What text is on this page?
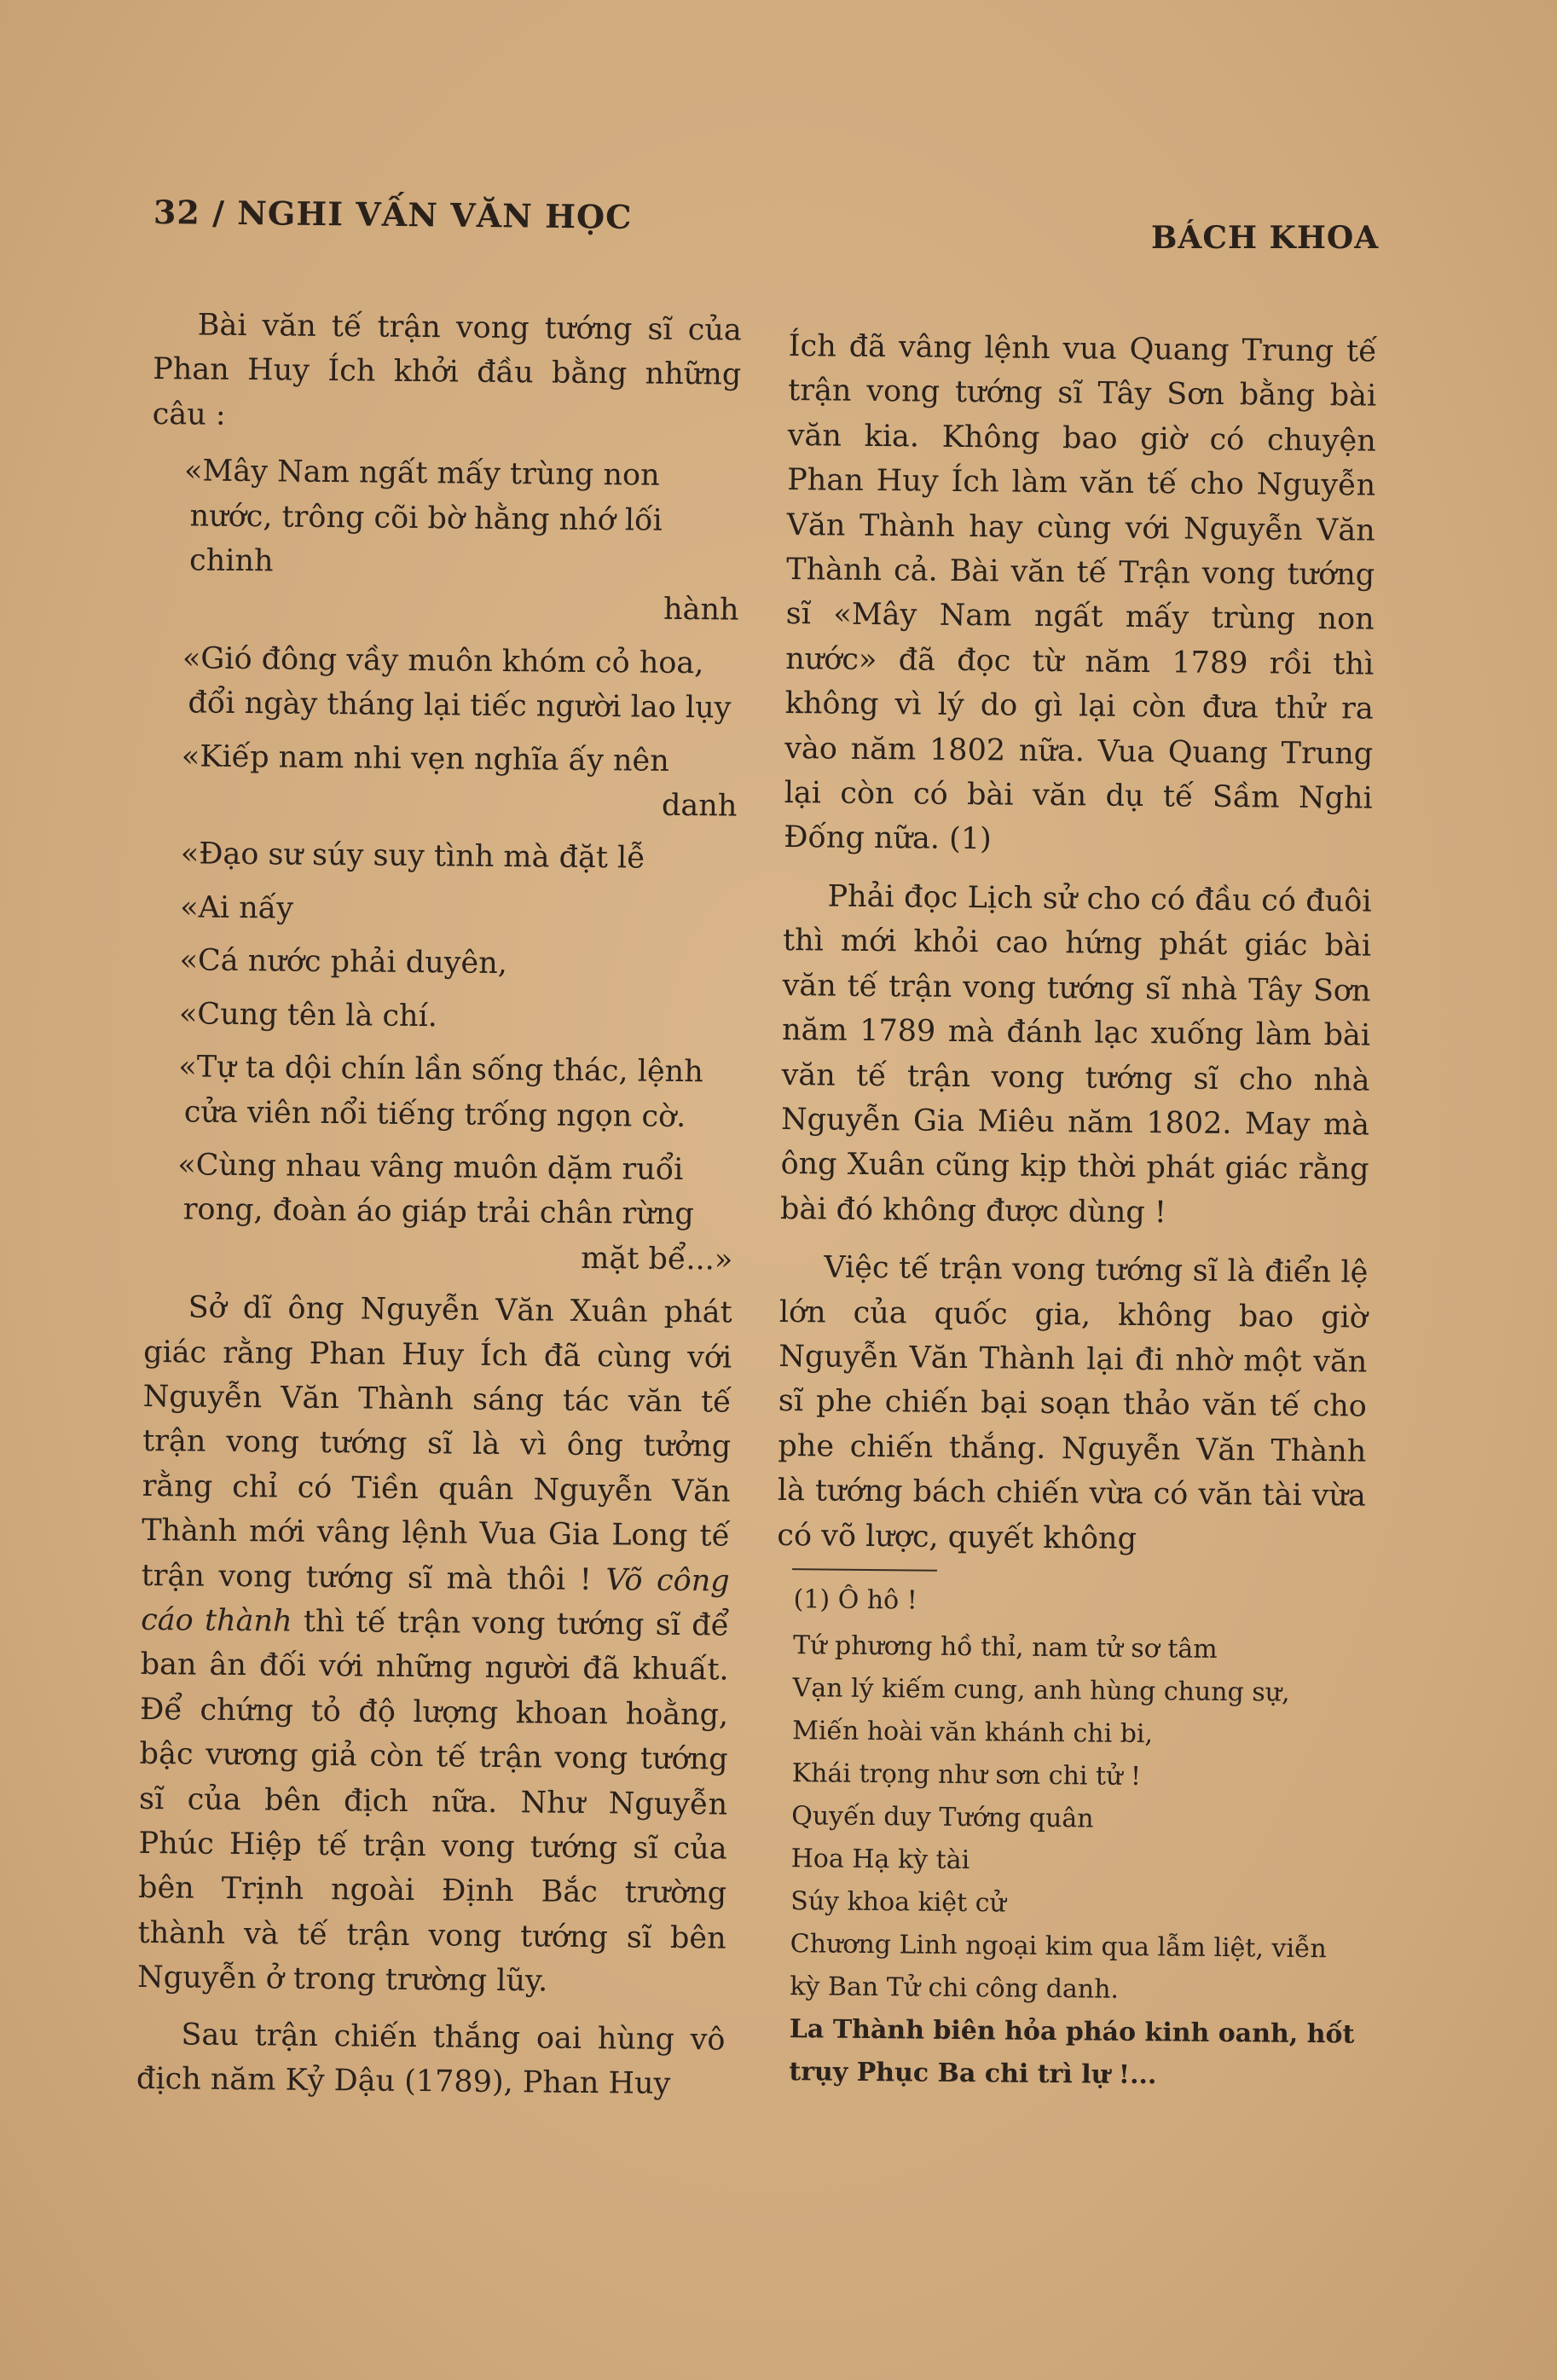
32 / NGHI VẤN VĂN HỌC
BÁCH KHOA

Bài văn tế trận vong tướng sĩ của Phan Huy Ích khởi đầu bằng những câu :

«Mây Nam ngất mấy trùng non nước, trông cõi bờ hằng nhớ lối chinh
hành

«Gió đông vầy muôn khóm cỏ hoa, đổi ngày tháng lại tiếc người lao lụy

«Kiếp nam nhi vẹn nghĩa ấy nên
danh

«Đạo sư súy suy tình mà đặt lễ

«Ai nấy

«Cá nước phải duyên,

«Cung tên là chí.

«Tự ta dội chín lần sống thác, lệnh cửa viên nổi tiếng trống ngọn cờ.

«Cùng nhau vâng muôn dặm ruổi rong, đoàn áo giáp trải chân rừng
mặt bể...»

Sở dĩ ông Nguyễn Văn Xuân phát giác rằng Phan Huy Ích đã cùng với Nguyễn Văn Thành sáng tác văn tế trận vong tướng sĩ là vì ông tưởng rằng chỉ có Tiền quân Nguyễn Văn Thành mới vâng lệnh Vua Gia Long tế trận vong tướng sĩ mà thôi ! Võ công cáo thành thì tế trận vong tướng sĩ để ban ân đối với những người đã khuất. Để chứng tỏ độ lượng khoan hoằng, bậc vương giả còn tế trận vong tướng sĩ của bên địch nữa. Như Nguyễn Phúc Hiệp tế trận vong tướng sĩ của bên Trịnh ngoài Định Bắc trường thành và tế trận vong tướng sĩ bên Nguyễn ở trong trường lũy.

Sau trận chiến thắng oai hùng vô địch năm Kỷ Dậu (1789), Phan Huy

Ích đã vâng lệnh vua Quang Trung tế trận vong tướng sĩ Tây Sơn bằng bài văn kia. Không bao giờ có chuyện Phan Huy Ích làm văn tế cho Nguyễn Văn Thành hay cùng với Nguyễn Văn Thành cả. Bài văn tế Trận vong tướng sĩ «Mây Nam ngất mấy trùng non nước» đã đọc từ năm 1789 rồi thì không vì lý do gì lại còn đưa thử ra vào năm 1802 nữa. Vua Quang Trung lại còn có bài văn dụ tế Sầm Nghi Đống nữa. (1)

Phải đọc Lịch sử cho có đầu có đuôi thì mới khỏi cao hứng phát giác bài văn tế trận vong tướng sĩ nhà Tây Sơn năm 1789 mà đánh lạc xuống làm bài văn tế trận vong tướng sĩ cho nhà Nguyễn Gia Miêu năm 1802. May mà ông Xuân cũng kịp thời phát giác rằng bài đó không được dùng !

Việc tế trận vong tướng sĩ là điển lệ lớn của quốc gia, không bao giờ Nguyễn Văn Thành lại đi nhờ một văn sĩ phe chiến bại soạn thảo văn tế cho phe chiến thắng. Nguyễn Văn Thành là tướng bách chiến vừa có văn tài vừa có võ lược, quyết không

(1) Ô hô !

Tứ phương hồ thỉ, nam tử sơ tâm
Vạn lý kiếm cung, anh hùng chung sự,
Miến hoài văn khánh chi bi,
Khái trọng như sơn chi tử !
Quyến duy Tướng quân
Hoa Hạ kỳ tài
Súy khoa kiệt cử
Chương Linh ngoại kim qua lẫm liệt, viễn kỳ Ban Tử chi công danh.
La Thành biên hỏa pháo kinh oanh, hốt trụy Phục Ba chi trì lự !...
